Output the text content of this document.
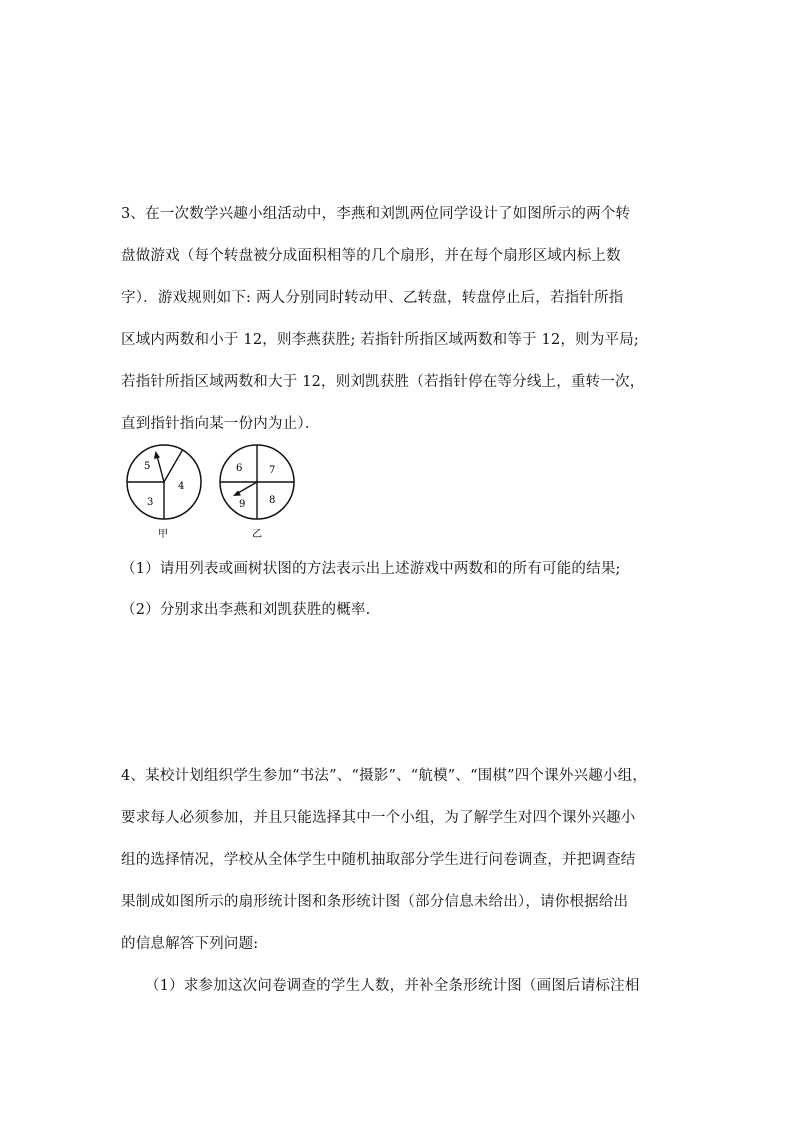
3、在一次数学兴趣小组活动中，李燕和刘凯两位同学设计了如图所示的两个转
盘做游戏（每个转盘被分成面积相等的几个扇形，并在每个扇形区域内标上数
字）．游戏规则如下: 两人分别同时转动甲、乙转盘，转盘停止后，若指针所指
区域内两数和小于 12，则李燕获胜; 若指针所指区域两数和等于 12，则为平局;
若指针所指区域两数和大于 12，则刘凯获胜（若指针停在等分线上，重转一次，
直到指针指向某一份内为止）．
5
4
3
甲
6	7
9 8
乙
（1）请用列表或画树状图的方法表示出上述游戏中两数和的所有可能的结果;
（2）分别求出李燕和刘凯获胜的概率.
4、某校计划组织学生参加“书法”、“摄影”、“航模”、“围棋”四个课外兴趣小组，
要求每人必须参加，并且只能选择其中一个小组，为了解学生对四个课外兴趣小
组的选择情况，学校从全体学生中随机抽取部分学生进行问卷调查，并把调查结
果制成如图所示的扇形统计图和条形统计图（部分信息未给出），请你根据给出
的信息解答下列问题:
（1）求参加这次问卷调查的学生人数，并补全条形统计图（画图后请标注相
